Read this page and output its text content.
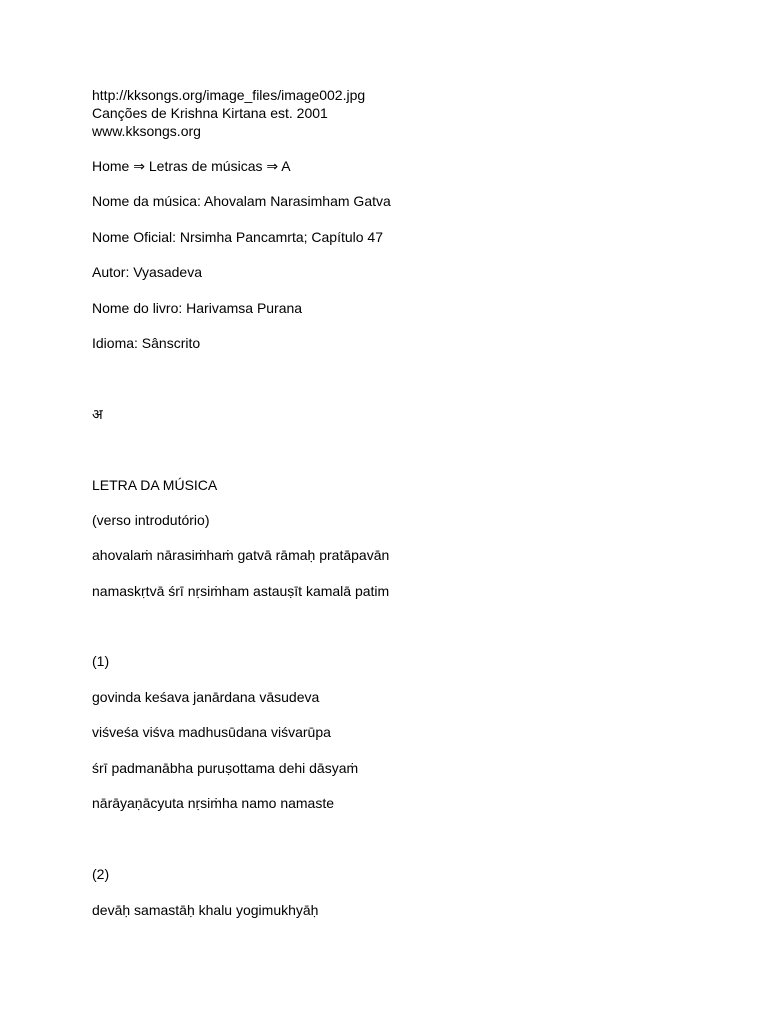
http://kksongs.org/image_files/image002.jpg
Canções de Krishna Kirtana est. 2001
www.kksongs.org
Home ⇒ Letras de músicas ⇒ A
Nome da música: Ahovalam Narasimham Gatva
Nome Oficial: Nrsimha Pancamrta; Capítulo 47
Autor: Vyasadeva
Nome do livro: Harivamsa Purana
Idioma: Sânscrito
अ
LETRA DA MÚSICA
(verso introdutório)
ahovalaṁ nārasiṁhaṁ gatvā rāmaḥ pratāpavān
namaskṛtvā śrī nṛsiṁham astauṣīt kamalā patim
(1)
govinda keśava janārdana vāsudeva
viśveśa viśva madhusūdana viśvarūpa
śrī padmanābha puruṣottama dehi dāsyaṁ
nārāyaṇācyuta nṛsiṁha namo namaste
(2)
devāḥ samastāḥ khalu yogimukhyāḥ
